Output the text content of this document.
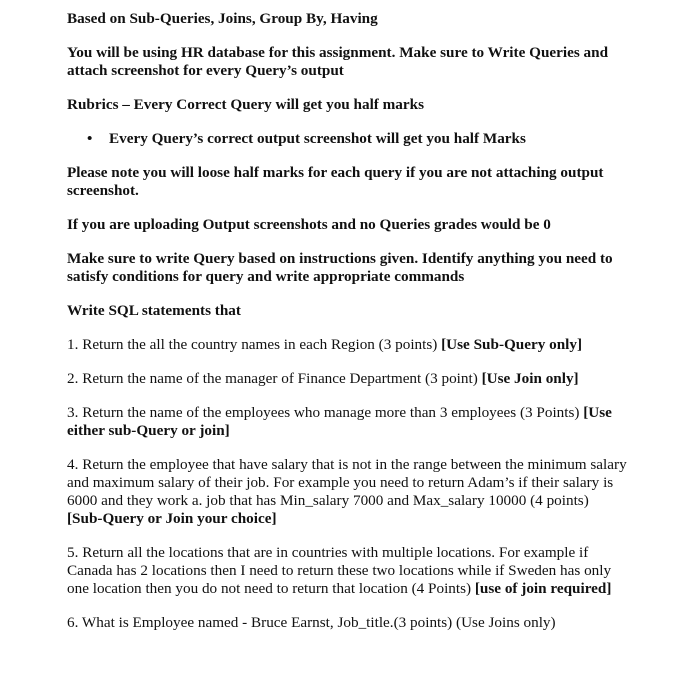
Based on Sub-Queries, Joins, Group By, Having
You will be using HR database for this assignment. Make sure to Write Queries and attach screenshot for every Query’s output
Rubrics – Every Correct Query will get you half marks
• Every Query’s correct output screenshot will get you half Marks
Please note you will loose half marks for each query if you are not attaching output screenshot.
If you are uploading Output screenshots and no Queries grades would be 0
Make sure to write Query based on instructions given. Identify anything you need to satisfy conditions for query and write appropriate commands
Write SQL statements that
1. Return the all the country names in each Region (3 points) [Use Sub-Query only]
2. Return the name of the manager of Finance Department (3 point) [Use Join only]
3. Return the name of the employees who manage more than 3 employees (3 Points) [Use either sub-Query or join]
4. Return the employee that have salary that is not in the range between the minimum salary and maximum salary of their job. For example you need to return Adam’s if their salary is 6000 and they work a. job that has Min_salary 7000 and Max_salary 10000 (4 points) [Sub-Query or Join your choice]
5. Return all the locations that are in countries with multiple locations. For example if Canada has 2 locations then I need to return these two locations while if Sweden has only one location then you do not need to return that location (4 Points) [use of join required]
6. What is Employee named - Bruce Earnst, Job_title.(3 points) (Use Joins only)
